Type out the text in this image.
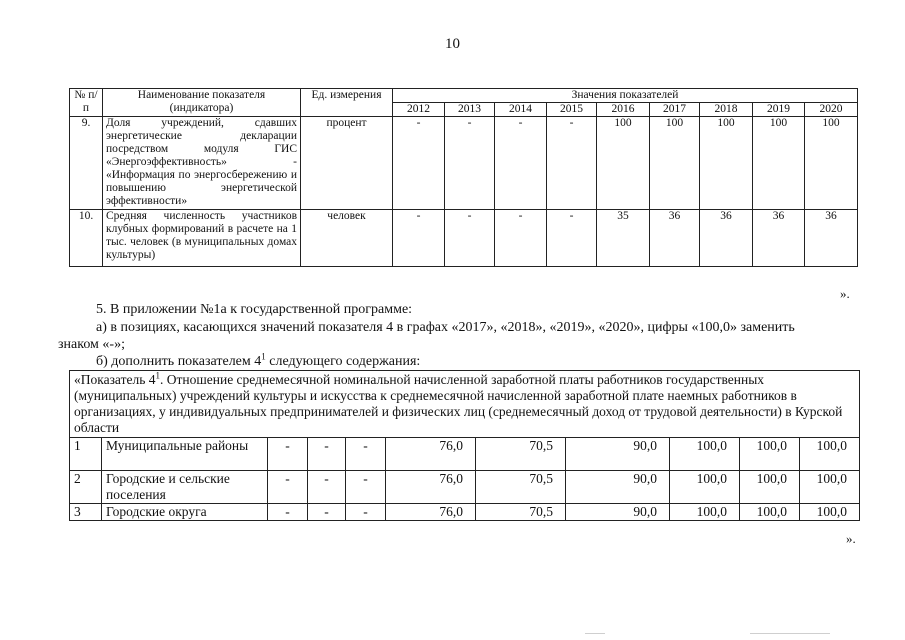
10
№ п/п	Наименование показателя (индикатора)	Ед. измерения	Значения показателей								
			2012	2013	2014	2015	2016	2017	2018	2019	2020
9.	Доля учреждений, сдавших энергетические декларации посредством модуля ГИС «Энергоэффективность» - «Информация по энергосбережению и повышению энергетической эффективности»	процент	-	-	-	-	100	100	100	100	100
10.	Средняя численность участников клубных формирований в расчете на 1 тыс. человек (в муниципальных домах культуры)	человек	-	-	-	-	35	36	36	36	36
».
5. В приложении №1а к государственной программе:
а) в позициях, касающихся значений показателя 4 в графах «2017», «2018», «2019», «2020», цифры «100,0» заменить
знаком «-»;
б) дополнить показателем $4^1$ следующего содержания:
«Показатель $4^1$. Отношение среднемесячной номинальной начисленной заработной платы работников государственных (муниципальных) учреждений культуры и искусства к среднемесячной начисленной заработной плате наемных работников в организациях, у индивидуальных предпринимателей и физических лиц (среднемесячный доход от трудовой деятельности) в Курской области										
1	Муниципальные районы	-	-	-	76,0	70,5	90,0	100,0	100,0	100,0
2	Городские и сельские поселения	-	-	-	76,0	70,5	90,0	100,0	100,0	100,0
3	Городские округа	-	-	-	76,0	70,5	90,0	100,0	100,0	100,0
».
